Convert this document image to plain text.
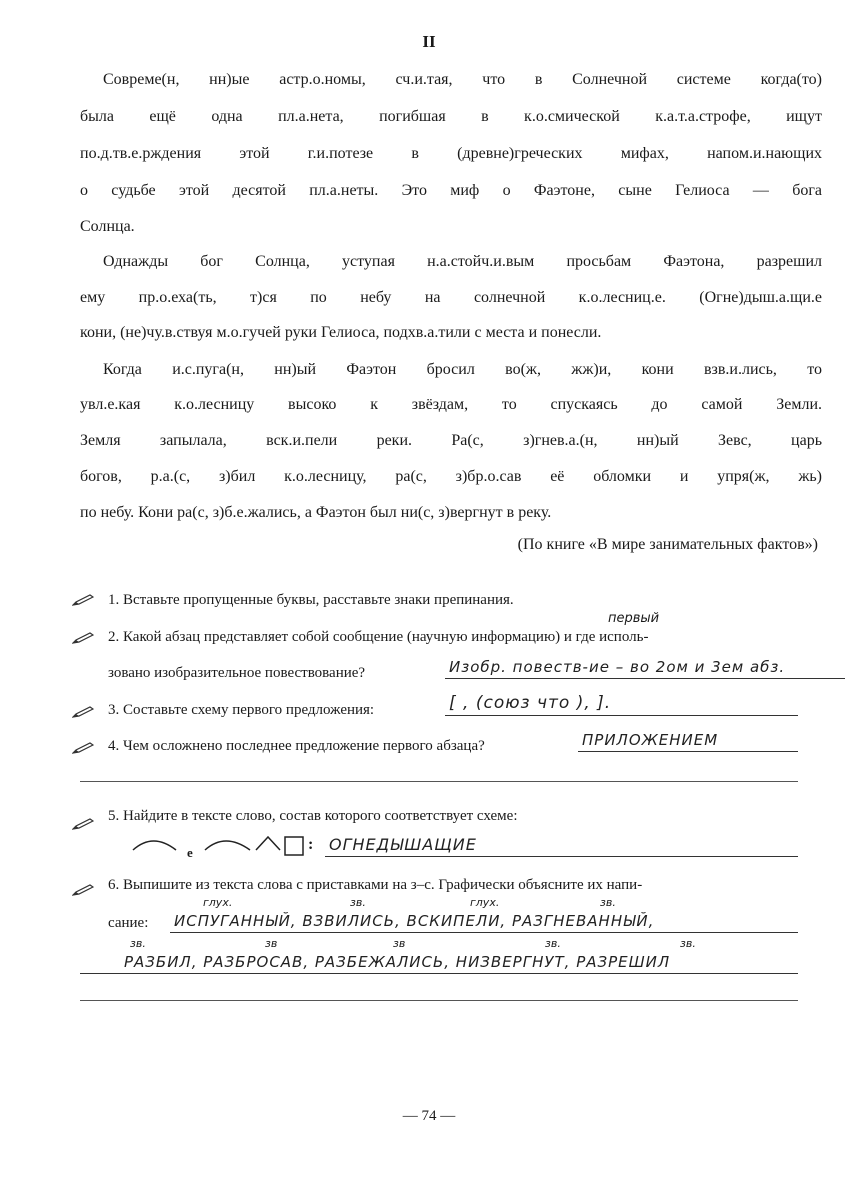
II
Совреме(н, нн)ые астр.о.номы, сч.и.тая, что в Солнечной системе когда(то)
была ещё одна пл.а.нета, погибшая в к.о.смической к.а.т.а.строфе, ищут
по.д.тв.е.рждения этой г.и.потезе в (древне)греческих мифах, напом.и.нающих
о судьбе этой десятой пл.а.неты. Это миф о Фаэтоне, сыне Гелиоса — бога
Солнца.
Однажды бог Солнца, уступая н.а.стойч.и.вым просьбам Фаэтона, разрешил
ему пр.о.еха(ть, т)ся по небу на солнечной к.о.лесниц.е. (Огне)дыш.а.щи.е
кони, (не)чу.в.ствуя м.о.гучей руки Гелиоса, подхв.а.тили с места и понесли.
Когда и.с.пуга(н, нн)ый Фаэтон бросил во(ж, жж)и, кони взв.и.лись, то
увл.е.кая к.о.лесницу высоко к звёздам, то спускаясь до самой Земли.
Земля запылала, вск.и.пели реки. Ра(с, з)гнев.а.(н, нн)ый Зевс, царь
богов, р.а.(с, з)бил к.о.лесницу, ра(с, з)бр.о.сав её обломки и упря(ж, жь)
по небу. Кони ра(с, з)б.е.жались, а Фаэтон был ни(с, з)вергнут в реку.
(По книге «В мире занимательных фактов»)
1. Вставьте пропущенные буквы, расставьте знаки препинания.
первый
2. Какой абзац представляет собой сообщение (научную информацию) и где исполь-
зовано изобразительное повествование?	Изобр. повеств-ие – во 2ом и 3ем абз.
3. Составьте схему первого предложения:	[ , (союз что ), ].
4. Чем осложнено последнее предложение первого абзаца?	ПРИЛОЖЕНИЕМ
5. Найдите в тексте слово, состав которого соответствует схеме:
е	: ОГНЕДЫШАЩИЕ
6. Выпишите из текста слова с приставками на з–с. Графически объясните их напи-
сание:
глух.	зв.	глух.	зв.
ИСПУГАННЫЙ, ВЗВИЛИСЬ, ВСКИПЕЛИ, РАЗГНЕВАННЫЙ,
зв.	зв	зв	зв.	зв.
РАЗБИЛ, РАЗБРОСАВ, РАЗБЕЖАЛИСЬ, НИЗВЕРГНУТ, РАЗРЕШИЛ
— 74 —
